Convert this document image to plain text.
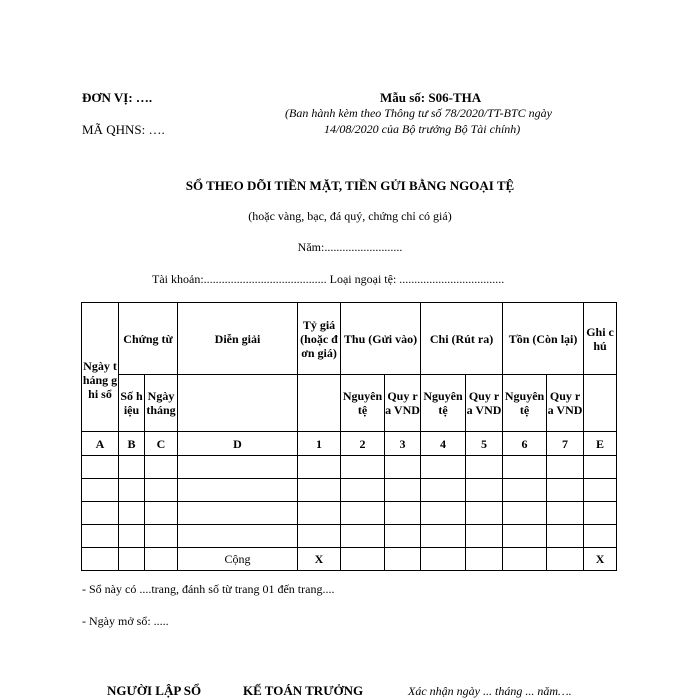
ĐƠN VỊ: ….
MÃ QHNS: ….
Mẫu số: S06-THA
(Ban hành kèm theo Thông tư số 78/2020/TT-BTC ngày
14/08/2020 của Bộ trưởng Bộ Tài chính)
SỔ THEO DÕI TIỀN MẶT, TIỀN GỬI BẰNG NGOẠI TỆ
(hoặc vàng, bạc, đá quý, chứng chỉ có giá)
Năm:..........................
Tài khoản:......................................... Loại ngoại tệ: ...................................
Ngày tháng ghi sổ	Chứng từ		Diễn giải	Tỷ giá (hoặc đơn giá)	Thu (Gửi vào)		Chi (Rút ra)		Tồn (Còn lại)		Ghi chú
	Số hiệu	Ngày tháng			Nguyên tệ	Quy ra VND	Nguyên tệ	Quy ra VND	Nguyên tệ	Quy ra VND	
A	B	C	D	1	2	3	4	5	6	7	E

			Cộng	X							X
- Sổ này có ....trang, đánh số từ trang 01 đến trang....
- Ngày mở sổ: .....
NGƯỜI LẬP SỔ	KẾ TOÁN TRƯỞNG	Xác nhận ngày ... tháng ... năm….
